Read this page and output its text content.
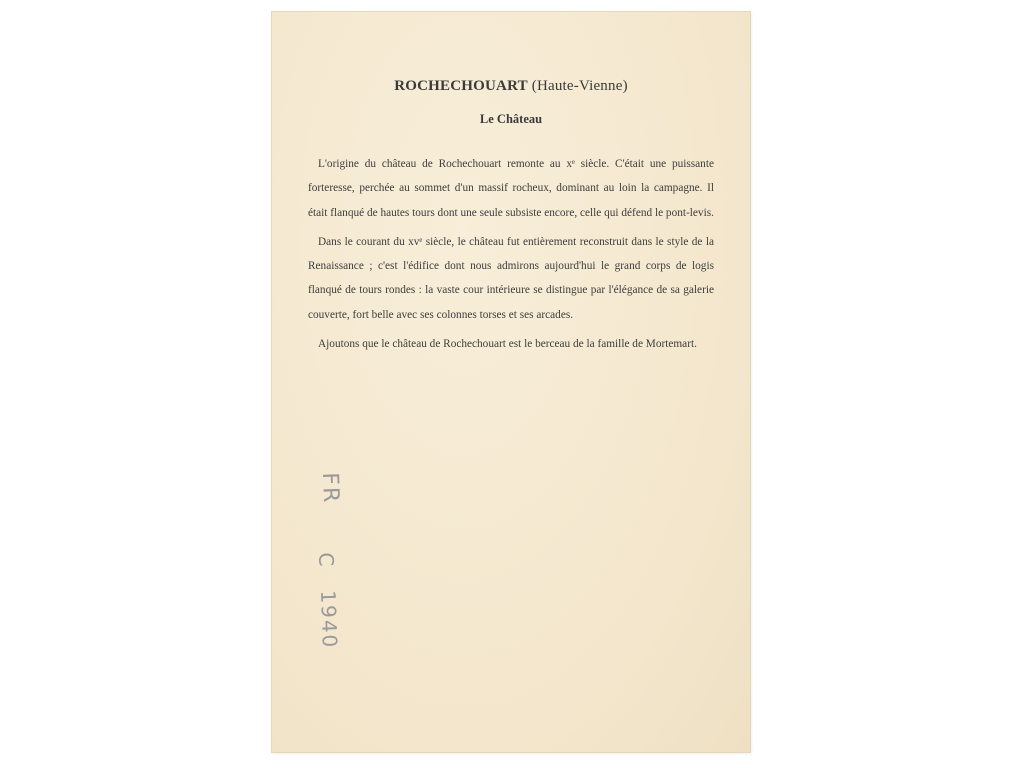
ROCHECHOUART (Haute-Vienne)
Le Château

L'origine du château de Rochechouart remonte au xᵉ siècle. C'était une puissante forteresse, perchée au sommet d'un massif rocheux, dominant au loin la campagne. Il était flanqué de hautes tours dont une seule subsiste encore, celle qui défend le pont-levis.

Dans le courant du xvᵉ siècle, le château fut entièrement reconstruit dans le style de la Renaissance ; c'est l'édifice dont nous admirons aujourd'hui le grand corps de logis flanqué de tours rondes : la vaste cour intérieure se distingue par l'élégance de sa galerie couverte, fort belle avec ses colonnes torses et ses arcades.

Ajoutons que le château de Rochechouart est le berceau de la famille de Mortemart.

FR
C
1940
